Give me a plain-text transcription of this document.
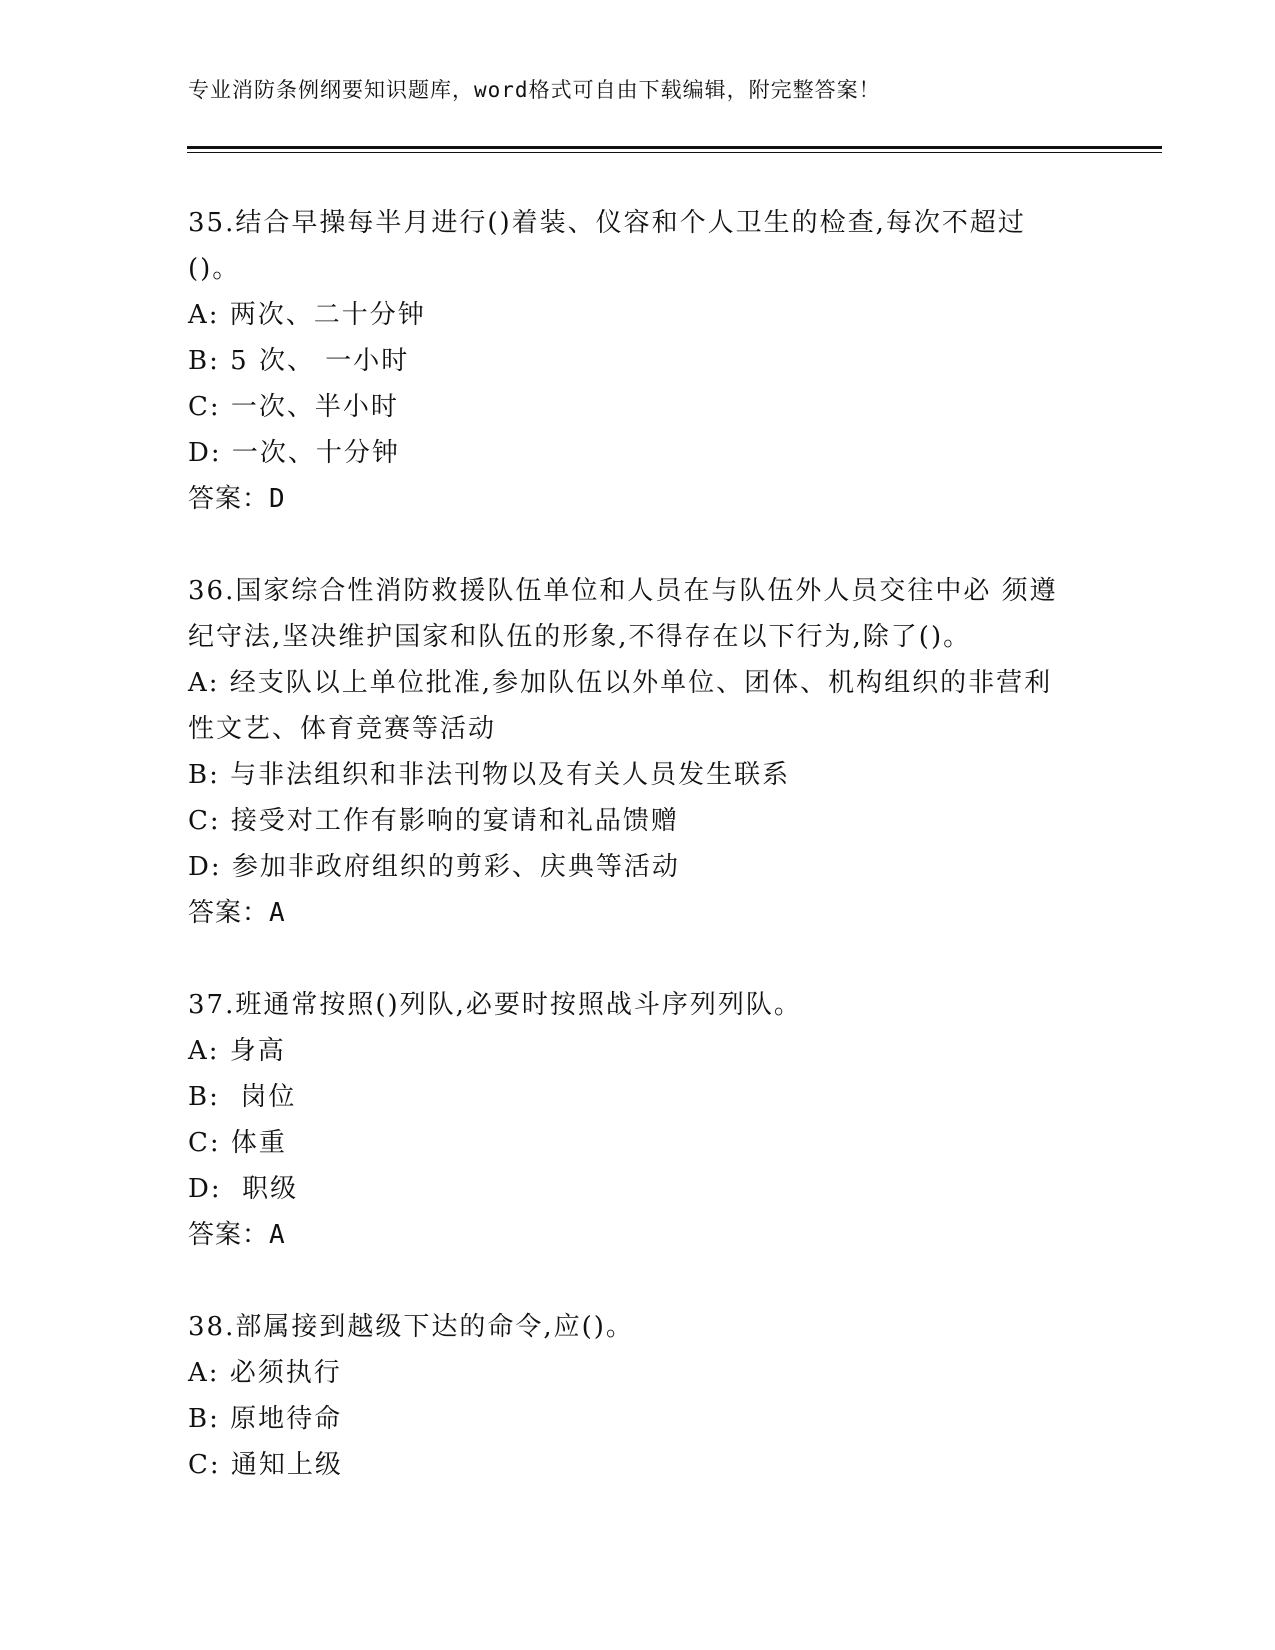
专业消防条例纲要知识题库，word格式可自由下载编辑，附完整答案！
35.结合早操每半月进行()着装、仪容和个人卫生的检查,每次不超过()。
A: 两次、二十分钟
B: 5 次、 一小时
C: 一次、半小时
D: 一次、十分钟
答案：D
36.国家综合性消防救援队伍单位和人员在与队伍外人员交往中必 须遵纪守法,坚决维护国家和队伍的形象,不得存在以下行为,除了()。
A: 经支队以上单位批准,参加队伍以外单位、团体、机构组织的非营利性文艺、体育竞赛等活动
B: 与非法组织和非法刊物以及有关人员发生联系
C: 接受对工作有影响的宴请和礼品馈赠
D: 参加非政府组织的剪彩、庆典等活动
答案：A
37.班通常按照()列队,必要时按照战斗序列列队。
A: 身高
B:  岗位
C: 体重
D:  职级
答案：A
38.部属接到越级下达的命令,应()。
A: 必须执行
B: 原地待命
C: 通知上级
